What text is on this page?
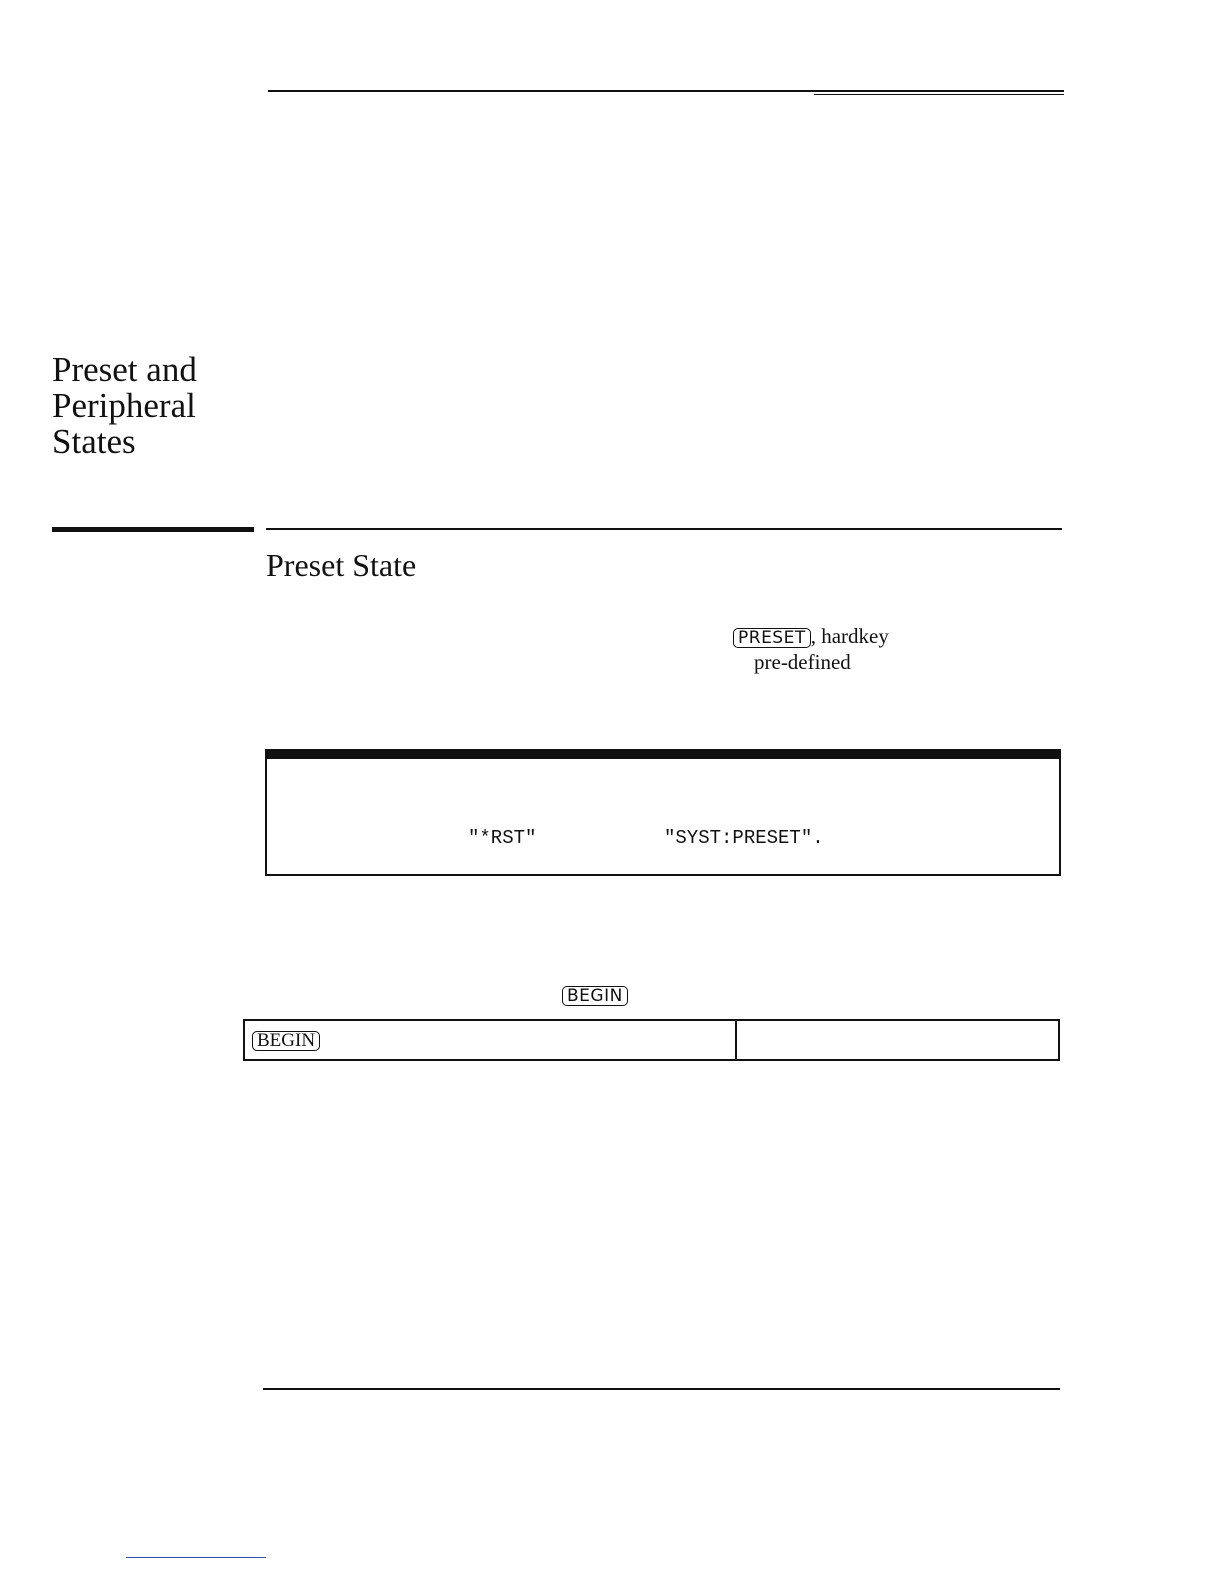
Preset and
Peripheral
States
Preset State
PRESET , hardkey
pre-defined
"*RST"	"SYST:PRESET".
BEGIN
BEGIN
